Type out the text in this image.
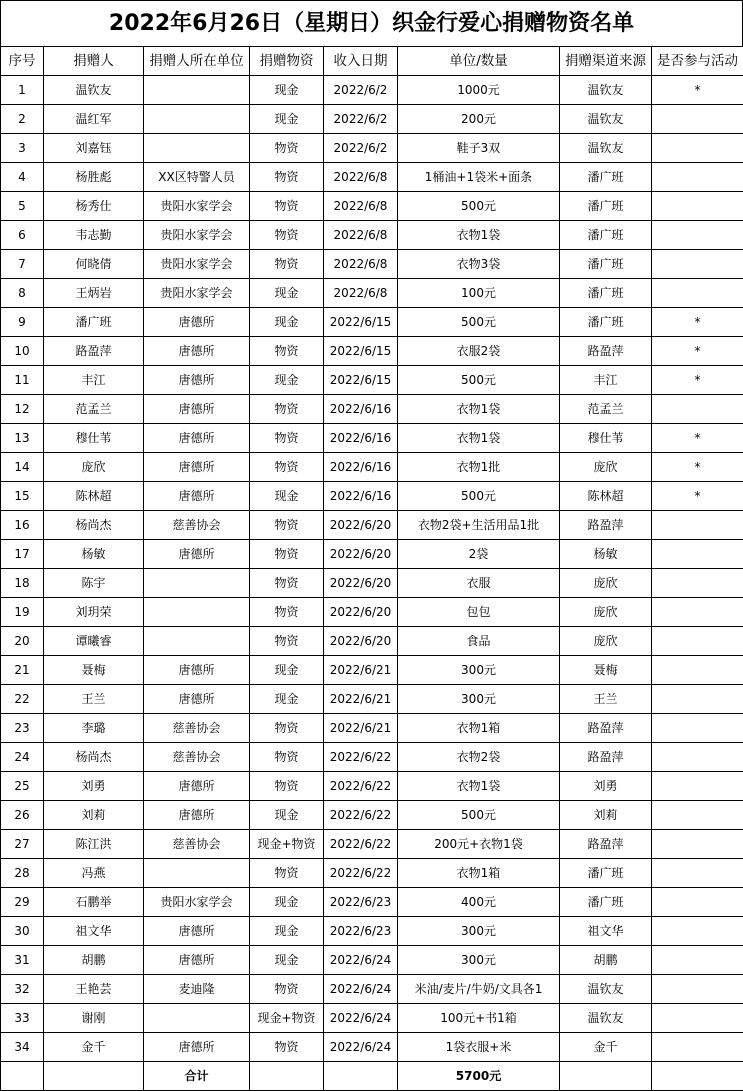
2022年6月26日（星期日）织金行爱心捐赠物资名单
序号	捐赠人	捐赠人所在单位	捐赠物资	收入日期	单位/数量	捐赠渠道来源	是否参与活动
1	温钦友		现金	2022/6/2	1000元	温钦友	*
2	温红军		现金	2022/6/2	200元	温钦友	
3	刘嘉钰		物资	2022/6/2	鞋子3双	温钦友	
4	杨胜彪	XX区特警人员	物资	2022/6/8	1桶油+1袋米+面条	潘广班	
5	杨秀仕	贵阳水家学会	物资	2022/6/8	500元	潘广班	
6	韦志勤	贵阳水家学会	物资	2022/6/8	衣物1袋	潘广班	
7	何晓倩	贵阳水家学会	物资	2022/6/8	衣物3袋	潘广班	
8	王炳岩	贵阳水家学会	现金	2022/6/8	100元	潘广班	
9	潘广班	唐德所	现金	2022/6/15	500元	潘广班	*
10	路盈萍	唐德所	物资	2022/6/15	衣服2袋	路盈萍	*
11	丰江	唐德所	现金	2022/6/15	500元	丰江	*
12	范孟兰	唐德所	物资	2022/6/16	衣物1袋	范孟兰	
13	穆仕苇	唐德所	物资	2022/6/16	衣物1袋	穆仕苇	*
14	庞欣	唐德所	物资	2022/6/16	衣物1批	庞欣	*
15	陈林超	唐德所	现金	2022/6/16	500元	陈林超	*
16	杨尚杰	慈善协会	物资	2022/6/20	衣物2袋+生活用品1批	路盈萍	
17	杨敏	唐德所	物资	2022/6/20	2袋	杨敏	
18	陈宇		物资	2022/6/20	衣服	庞欣	
19	刘玥荣		物资	2022/6/20	包包	庞欣	
20	谭曦睿		物资	2022/6/20	食品	庞欣	
21	聂梅	唐德所	现金	2022/6/21	300元	聂梅	
22	王兰	唐德所	现金	2022/6/21	300元	王兰	
23	李璐	慈善协会	物资	2022/6/21	衣物1箱	路盈萍	
24	杨尚杰	慈善协会	物资	2022/6/22	衣物2袋	路盈萍	
25	刘勇	唐德所	物资	2022/6/22	衣物1袋	刘勇	
26	刘莉	唐德所	现金	2022/6/22	500元	刘莉	
27	陈江洪	慈善协会	现金+物资	2022/6/22	200元+衣物1袋	路盈萍	
28	冯燕		物资	2022/6/22	衣物1箱	潘广班	
29	石鹏举	贵阳水家学会	现金	2022/6/23	400元	潘广班	
30	祖文华	唐德所	现金	2022/6/23	300元	祖文华	
31	胡鹏	唐德所	现金	2022/6/24	300元	胡鹏	
32	王艳芸	麦迪隆	物资	2022/6/24	米油/麦片/牛奶/文具各1	温钦友	
33	谢刚		现金+物资	2022/6/24	100元+书1箱	温钦友	
34	金千	唐德所	物资	2022/6/24	1袋衣服+米	金千	
		合计			5700元		
